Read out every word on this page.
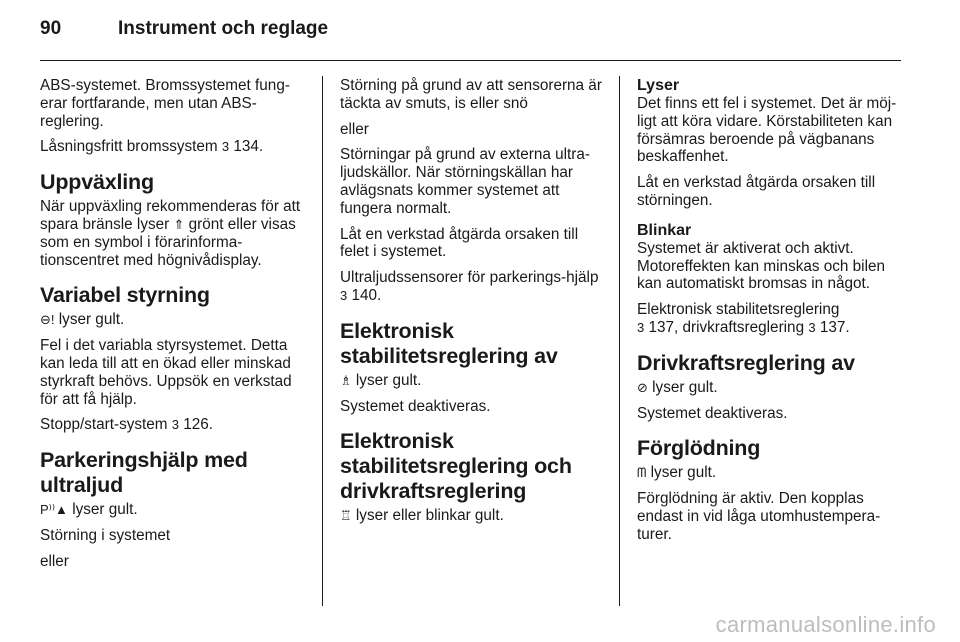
90	Instrument och reglage

ABS-systemet. Bromssystemet fung-erar fortfarande, men utan ABS-reglering.

Låsningsfritt bromssystem 3 134.

Uppväxling

När uppväxling rekommenderas för att spara bränsle lyser ⇑ grönt eller visas som en symbol i förarinforma-tionscentret med högnivådisplay.

Variabel styrning

⊖! lyser gult.

Fel i det variabla styrsystemet. Detta kan leda till att en ökad eller minskad styrkraft behövs. Uppsök en verkstad för att få hjälp.

Stopp/start-system 3 126.

Parkeringshjälp med ultraljud

P⁾⁾▲ lyser gult.

Störning i systemet

eller

Störning på grund av att sensorerna är täckta av smuts, is eller snö

eller

Störningar på grund av externa ultra-ljudskällor. När störningskällan har avlägsnats kommer systemet att fungera normalt.

Låt en verkstad åtgärda orsaken till felet i systemet.

Ultraljudssensorer för parkerings-hjälp 3 140.

Elektronisk stabilitetsreglering av

♗ lyser gult.

Systemet deaktiveras.

Elektronisk stabilitetsreglering och drivkraftsreglering

♖ lyser eller blinkar gult.

Lyser

Det finns ett fel i systemet. Det är möj-ligt att köra vidare. Körstabiliteten kan försämras beroende på vägbanans beskaffenhet.

Låt en verkstad åtgärda orsaken till störningen.

Blinkar

Systemet är aktiverat och aktivt. Motoreffekten kan minskas och bilen kan automatiskt bromsas in något.

Elektronisk stabilitetsreglering
3 137, drivkraftsreglering 3 137.

Drivkraftsreglering av

⊘ lyser gult.

Systemet deaktiveras.

Förglödning

ᗰ lyser gult.

Förglödning är aktiv. Den kopplas endast in vid låga utomhustempera-turer.

carmanualsonline.info
